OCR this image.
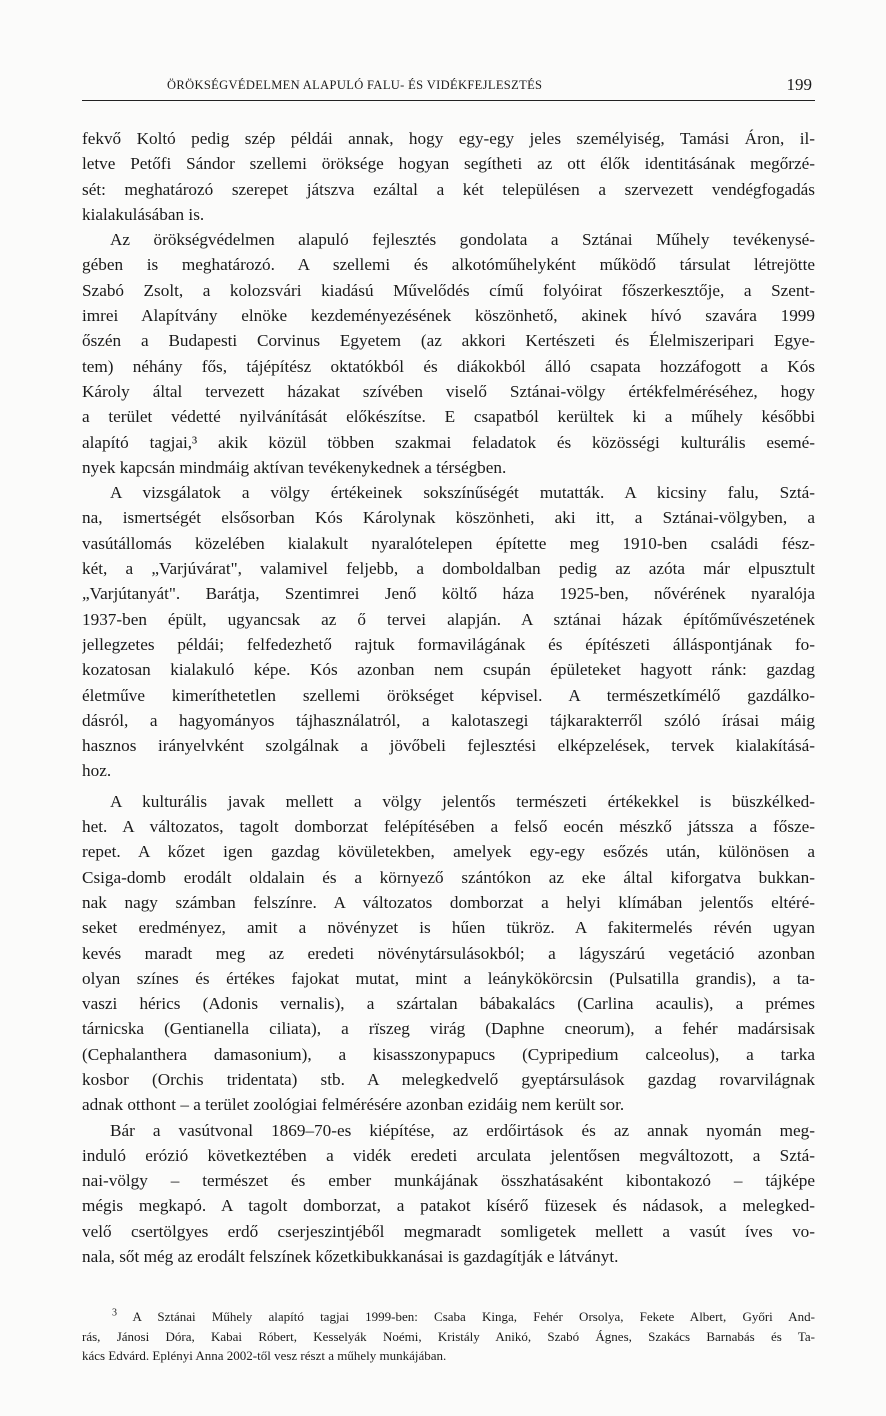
ÖRÖKSÉGVÉDELMEN ALAPULÓ FALU- ÉS VIDÉKFEJLESZTÉS	199
fekvő Koltó pedig szép példái annak, hogy egy-egy jeles személyiség, Tamási Áron, il-
letve Petőfi Sándor szellemi öröksége hogyan segítheti az ott élők identitásának megőrzé-
sét: meghatározó szerepet játszva ezáltal a két településen a szervezett vendégfogadás
kialakulásában is.
Az örökségvédelmen alapuló fejlesztés gondolata a Sztánai Műhely tevékenysé-
gében is meghatározó. A szellemi és alkotóműhelyként működő társulat létrejötte
Szabó Zsolt, a kolozsvári kiadású Művelődés című folyóirat főszerkesztője, a Szent-
imrei Alapítvány elnöke kezdeményezésének köszönhető, akinek hívó szavára 1999
őszén a Budapesti Corvinus Egyetem (az akkori Kertészeti és Élelmiszeripari Egye-
tem) néhány fős, tájépítész oktatókból és diákokból álló csapata hozzáfogott a Kós
Károly által tervezett házakat szívében viselő Sztánai-völgy értékfelméréséhez, hogy
a terület védetté nyilvánítását előkészítse. E csapatból kerültek ki a műhely későbbi
alapító tagjai,³ akik közül többen szakmai feladatok és közösségi kulturális esemé-
nyek kapcsán mindmáig aktívan tevékenykednek a térségben.
A vizsgálatok a völgy értékeinek sokszínűségét mutatták. A kicsiny falu, Sztá-
na, ismertségét elsősorban Kós Károlynak köszönheti, aki itt, a Sztánai-völgyben, a
vasútállomás közelében kialakult nyaralótelepen építette meg 1910-ben családi fész-
két, a „Varjúvárat", valamivel feljebb, a domboldalban pedig az azóta már elpusztult
„Varjútanyát". Barátja, Szentimrei Jenő költő háza 1925-ben, nővérének nyaralója
1937-ben épült, ugyancsak az ő tervei alapján. A sztánai házak építőművészetének
jellegzetes példái; felfedezhető rajtuk formavilágának és építészeti álláspontjának fo-
kozatosan kialakuló képe. Kós azonban nem csupán épületeket hagyott ránk: gazdag
életműve kimeríthetetlen szellemi örökséget képvisel. A természetkímélő gazdálko-
dásról, a hagyományos tájhasználatról, a kalotaszegi tájkarakterről szóló írásai máig
hasznos irányelvként szolgálnak a jövőbeli fejlesztési elképzelések, tervek kialakításá-
hoz.
A kulturális javak mellett a völgy jelentős természeti értékekkel is büszkélked-
het. A változatos, tagolt domborzat felépítésében a felső eocén mészkő játssza a fősze-
repet. A kőzet igen gazdag kövületekben, amelyek egy-egy esőzés után, különösen a
Csiga-domb erodált oldalain és a környező szántókon az eke által kiforgatva bukkan-
nak nagy számban felszínre. A változatos domborzat a helyi klímában jelentős eltéré-
seket eredményez, amit a növényzet is hűen tükröz. A fakitermelés révén ugyan
kevés maradt meg az eredeti növénytársulásokból; a lágyszárú vegetáció azonban
olyan színes és értékes fajokat mutat, mint a leánykökörcsin (Pulsatilla grandis), a ta-
vaszi hérics (Adonis vernalis), a szártalan bábakalács (Carlina acaulis), a prémes
tárnicska (Gentianella ciliata), a rïszeg virág (Daphne cneorum), a fehér madársisak
(Cephalanthera damasonium), a kisasszonypapucs (Cypripedium calceolus), a tarka
kosbor (Orchis tridentata) stb. A melegkedvelő gyeptársulások gazdag rovarvilágnak
adnak otthont – a terület zoológiai felmérésére azonban ezidáig nem került sor.
Bár a vasútvonal 1869–70-es kiépítése, az erdőirtások és az annak nyomán meg-
induló erózió következtében a vidék eredeti arculata jelentősen megváltozott, a Sztá-
nai-völgy – természet és ember munkájának összhatásaként kibontakozó – tájképe
mégis megkapó. A tagolt domborzat, a patakot kísérő füzesek és nádasok, a melegked-
velő csertölgyes erdő cserjeszintjéből megmaradt somligetek mellett a vasút íves vo-
nala, sőt még az erodált felszínek kőzetkibukkanásai is gazdagítják e látványt.
$^3$ A Sztánai Műhely alapító tagjai 1999-ben: Csaba Kinga, Fehér Orsolya, Fekete Albert, Győri And-
rás, Jánosi Dóra, Kabai Róbert, Kesselyák Noémi, Kristály Anikó, Szabó Ágnes, Szakács Barnabás és Ta-
kács Edvárd. Eplényi Anna 2002-től vesz részt a műhely munkájában.
